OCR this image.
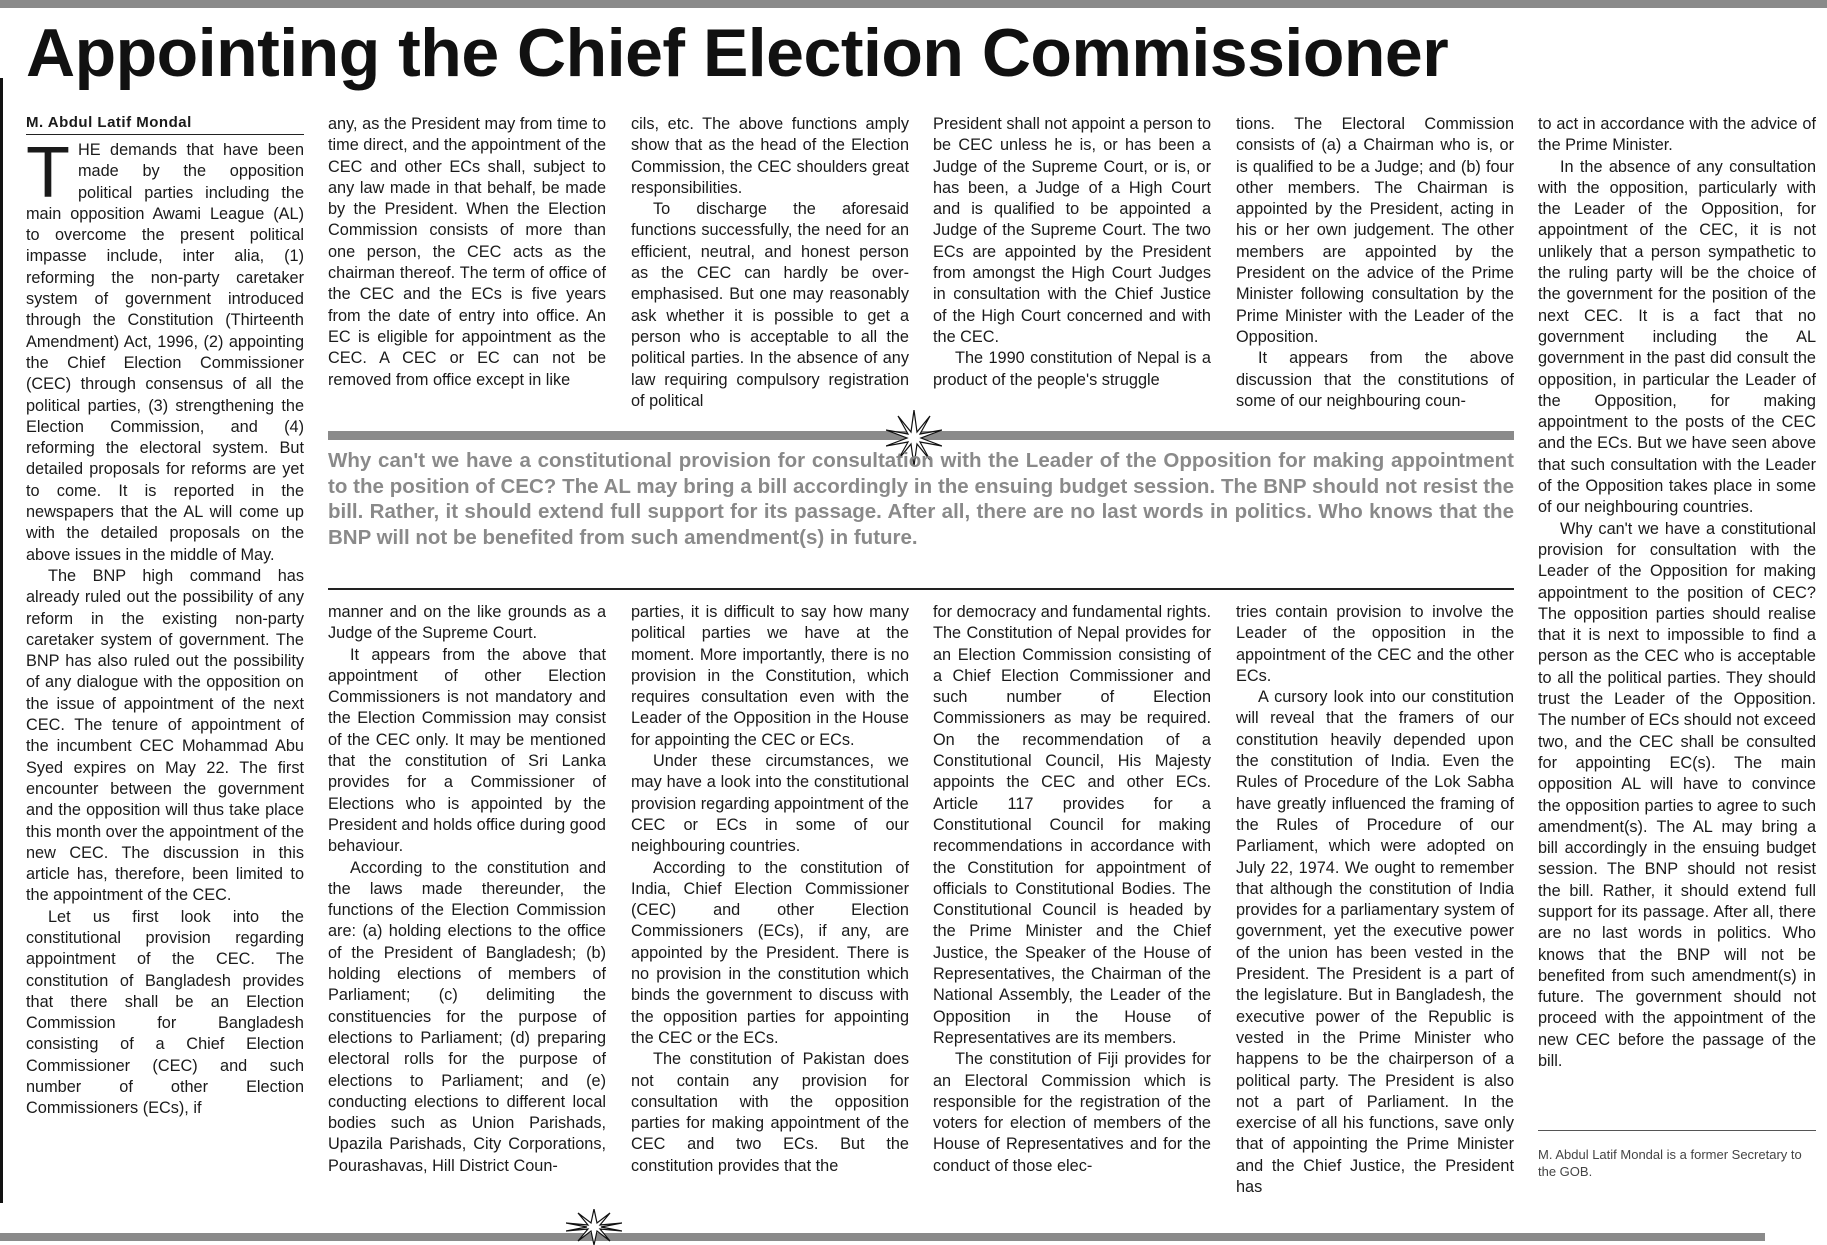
Appointing the Chief Election Commissioner
M. Abdul Latif Mondal

THE demands that have been made by the opposition political parties including the main opposition Awami League (AL) to overcome the present political impasse include, inter alia, (1) reforming the non-party caretaker system of government introduced through the Constitution (Thirteenth Amendment) Act, 1996, (2) appointing the Chief Election Commissioner (CEC) through consensus of all the political parties, (3) strengthening the Election Commission, and (4) reforming the electoral system. But detailed proposals for reforms are yet to come. It is reported in the newspapers that the AL will come up with the detailed proposals on the above issues in the middle of May.

The BNP high command has already ruled out the possibility of any reform in the existing non-party caretaker system of government. The BNP has also ruled out the possibility of any dialogue with the opposition on the issue of appointment of the next CEC. The tenure of appointment of the incumbent CEC Mohammad Abu Syed expires on May 22. The first encounter between the government and the opposition will thus take place this month over the appointment of the new CEC. The discussion in this article has, therefore, been limited to the appointment of the CEC.

Let us first look into the constitutional provision regarding appointment of the CEC. The constitution of Bangladesh provides that there shall be an Election Commission for Bangladesh consisting of a Chief Election Commissioner (CEC) and such number of other Election Commissioners (ECs), if

any, as the President may from time to time direct, and the appointment of the CEC and other ECs shall, subject to any law made in that behalf, be made by the President. When the Election Commission consists of more than one person, the CEC acts as the chairman thereof. The term of office of the CEC and the ECs is five years from the date of entry into office. An EC is eligible for appointment as the CEC. A CEC or EC can not be removed from office except in like

cils, etc. The above functions amply show that as the head of the Election Commission, the CEC shoulders great responsibilities.

To discharge the aforesaid functions successfully, the need for an efficient, neutral, and honest person as the CEC can hardly be over-emphasised. But one may reasonably ask whether it is possible to get a person who is acceptable to all the political parties. In the absence of any law requiring compulsory registration of political

President shall not appoint a person to be CEC unless he is, or has been a Judge of the Supreme Court, or is, or has been, a Judge of a High Court and is qualified to be appointed a Judge of the Supreme Court. The two ECs are appointed by the President from amongst the High Court Judges in consultation with the Chief Justice of the High Court concerned and with the CEC.

The 1990 constitution of Nepal is a product of the people's struggle

tions. The Electoral Commission consists of (a) a Chairman who is, or is qualified to be a Judge; and (b) four other members. The Chairman is appointed by the President, acting in his or her own judgement. The other members are appointed by the President on the advice of the Prime Minister following consultation by the Prime Minister with the Leader of the Opposition.

It appears from the above discussion that the constitutions of some of our neighbouring coun-

to act in accordance with the advice of the Prime Minister.

In the absence of any consultation with the opposition, particularly with the Leader of the Opposition, for appointment of the CEC, it is not unlikely that a person sympathetic to the ruling party will be the choice of the government for the position of the next CEC. It is a fact that no government including the AL government in the past did consult the opposition, in particular the Leader of the Opposition, for making appointment to the posts of the CEC and the ECs. But we have seen above that such consultation with the Leader of the Opposition takes place in some of our neighbouring countries.

Why can't we have a constitutional provision for consultation with the Leader of the Opposition for making appointment to the position of CEC? The opposition parties should realise that it is next to impossible to find a person as the CEC who is acceptable to all the political parties. They should trust the Leader of the Opposition. The number of ECs should not exceed two, and the CEC shall be consulted for appointing EC(s). The main opposition AL will have to convince the opposition parties to agree to such amendment(s). The AL may bring a bill accordingly in the ensuing budget session. The BNP should not resist the bill. Rather, it should extend full support for its passage. After all, there are no last words in politics. Who knows that the BNP will not be benefited from such amendment(s) in future. The government should not proceed with the appointment of the new CEC before the passage of the bill.

Why can't we have a constitutional provision for consultation with the Leader of the Opposition for making appointment to the position of CEC? The AL may bring a bill accordingly in the ensuing budget session. The BNP should not resist the bill. Rather, it should extend full support for its passage. After all, there are no last words in politics. Who knows that the BNP will not be benefited from such amendment(s) in future.

manner and on the like grounds as a Judge of the Supreme Court.

It appears from the above that appointment of other Election Commissioners is not mandatory and the Election Commission may consist of the CEC only. It may be mentioned that the constitution of Sri Lanka provides for a Commissioner of Elections who is appointed by the President and holds office during good behaviour.

According to the constitution and the laws made thereunder, the functions of the Election Commission are: (a) holding elections to the office of the President of Bangladesh; (b) holding elections of members of Parliament; (c) delimiting the constituencies for the purpose of elections to Parliament; (d) preparing electoral rolls for the purpose of elections to Parliament; and (e) conducting elections to different local bodies such as Union Parishads, Upazila Parishads, City Corporations, Pourashavas, Hill District Coun-

parties, it is difficult to say how many political parties we have at the moment. More importantly, there is no provision in the Constitution, which requires consultation even with the Leader of the Opposition in the House for appointing the CEC or ECs.

Under these circumstances, we may have a look into the constitutional provision regarding appointment of the CEC or ECs in some of our neighbouring countries.

According to the constitution of India, Chief Election Commissioner (CEC) and other Election Commissioners (ECs), if any, are appointed by the President. There is no provision in the constitution which binds the government to discuss with the opposition parties for appointing the CEC or the ECs.

The constitution of Pakistan does not contain any provision for consultation with the opposition parties for making appointment of the CEC and two ECs. But the constitution provides that the

for democracy and fundamental rights. The Constitution of Nepal provides for an Election Commission consisting of a Chief Election Commissioner and such number of Election Commissioners as may be required. On the recommendation of a Constitutional Council, His Majesty appoints the CEC and other ECs. Article 117 provides for a Constitutional Council for making recommendations in accordance with the Constitution for appointment of officials to Constitutional Bodies. The Constitutional Council is headed by the Prime Minister and the Chief Justice, the Speaker of the House of Representatives, the Chairman of the National Assembly, the Leader of the Opposition in the House of Representatives are its members.

The constitution of Fiji provides for an Electoral Commission which is responsible for the registration of the voters for election of members of the House of Representatives and for the conduct of those elec-

tries contain provision to involve the Leader of the opposition in the appointment of the CEC and the other ECs.

A cursory look into our constitution will reveal that the framers of our constitution heavily depended upon the constitution of India. Even the Rules of Procedure of the Lok Sabha have greatly influenced the framing of the Rules of Procedure of our Parliament, which were adopted on July 22, 1974. We ought to remember that although the constitution of India provides for a parliamentary system of government, yet the executive power of the union has been vested in the President. The President is a part of the legislature. But in Bangladesh, the executive power of the Republic is vested in the Prime Minister who happens to be the chairperson of a political party. The President is also not a part of Parliament. In the exercise of all his functions, save only that of appointing the Prime Minister and the Chief Justice, the President has

M. Abdul Latif Mondal is a former Secretary to the GOB.
